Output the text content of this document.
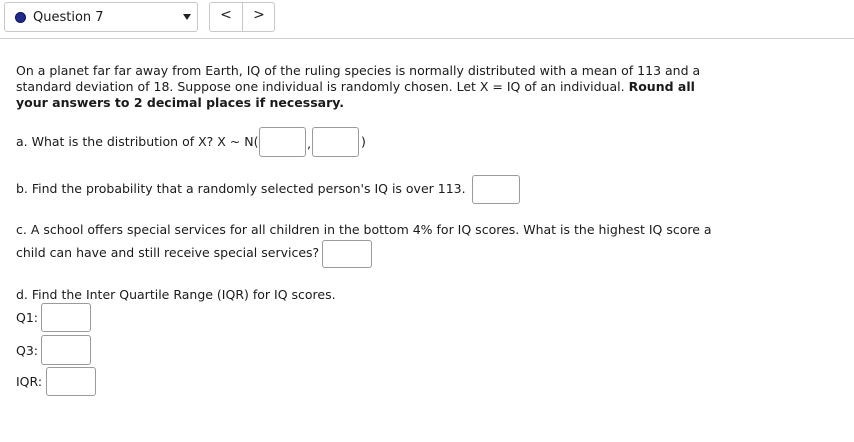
Question 7	<	>
On a planet far far away from Earth, IQ of the ruling species is normally distributed with a mean of 113 and a
standard deviation of 18. Suppose one individual is randomly chosen. Let X = IQ of an individual. Round all
your answers to 2 decimal places if necessary.
a. What is the distribution of X? X ~ N(	,	)
b. Find the probability that a randomly selected person's IQ is over 113.
c. A school offers special services for all children in the bottom 4% for IQ scores. What is the highest IQ score a
child can have and still receive special services?
d. Find the Inter Quartile Range (IQR) for IQ scores.
Q1:
Q3:
IQR:
